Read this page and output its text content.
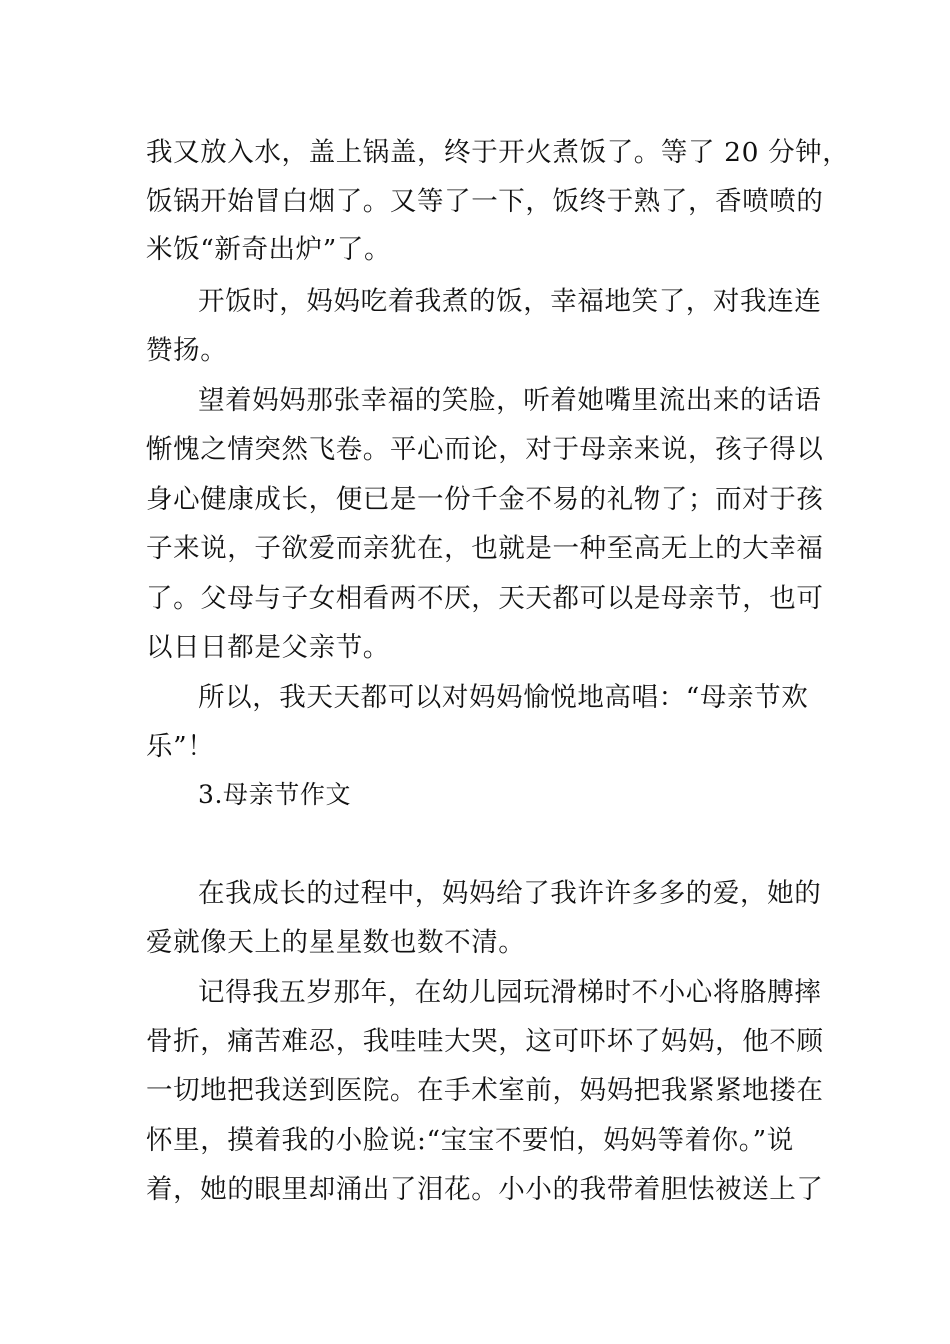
我又放入水，盖上锅盖，终于开火煮饭了。等了 20 分钟，
饭锅开始冒白烟了。又等了一下，饭终于熟了，香喷喷的
米饭“新奇出炉”了。
开饭时，妈妈吃着我煮的饭，幸福地笑了，对我连连
赞扬。
望着妈妈那张幸福的笑脸，听着她嘴里流出来的话语
惭愧之情突然飞卷。平心而论，对于母亲来说，孩子得以
身心健康成长，便已是一份千金不易的礼物了；而对于孩
子来说，子欲爱而亲犹在，也就是一种至高无上的大幸福
了。父母与子女相看两不厌，天天都可以是母亲节，也可
以日日都是父亲节。
所以，我天天都可以对妈妈愉悦地高唱：“母亲节欢
乐”！
3.母亲节作文
在我成长的过程中，妈妈给了我许许多多的爱，她的
爱就像天上的星星数也数不清。
记得我五岁那年，在幼儿园玩滑梯时不小心将胳膊摔
骨折，痛苦难忍，我哇哇大哭，这可吓坏了妈妈，他不顾
一切地把我送到医院。在手术室前，妈妈把我紧紧地搂在
怀里，摸着我的小脸说:“宝宝不要怕，妈妈等着你。”说
着，她的眼里却涌出了泪花。小小的我带着胆怯被送上了
